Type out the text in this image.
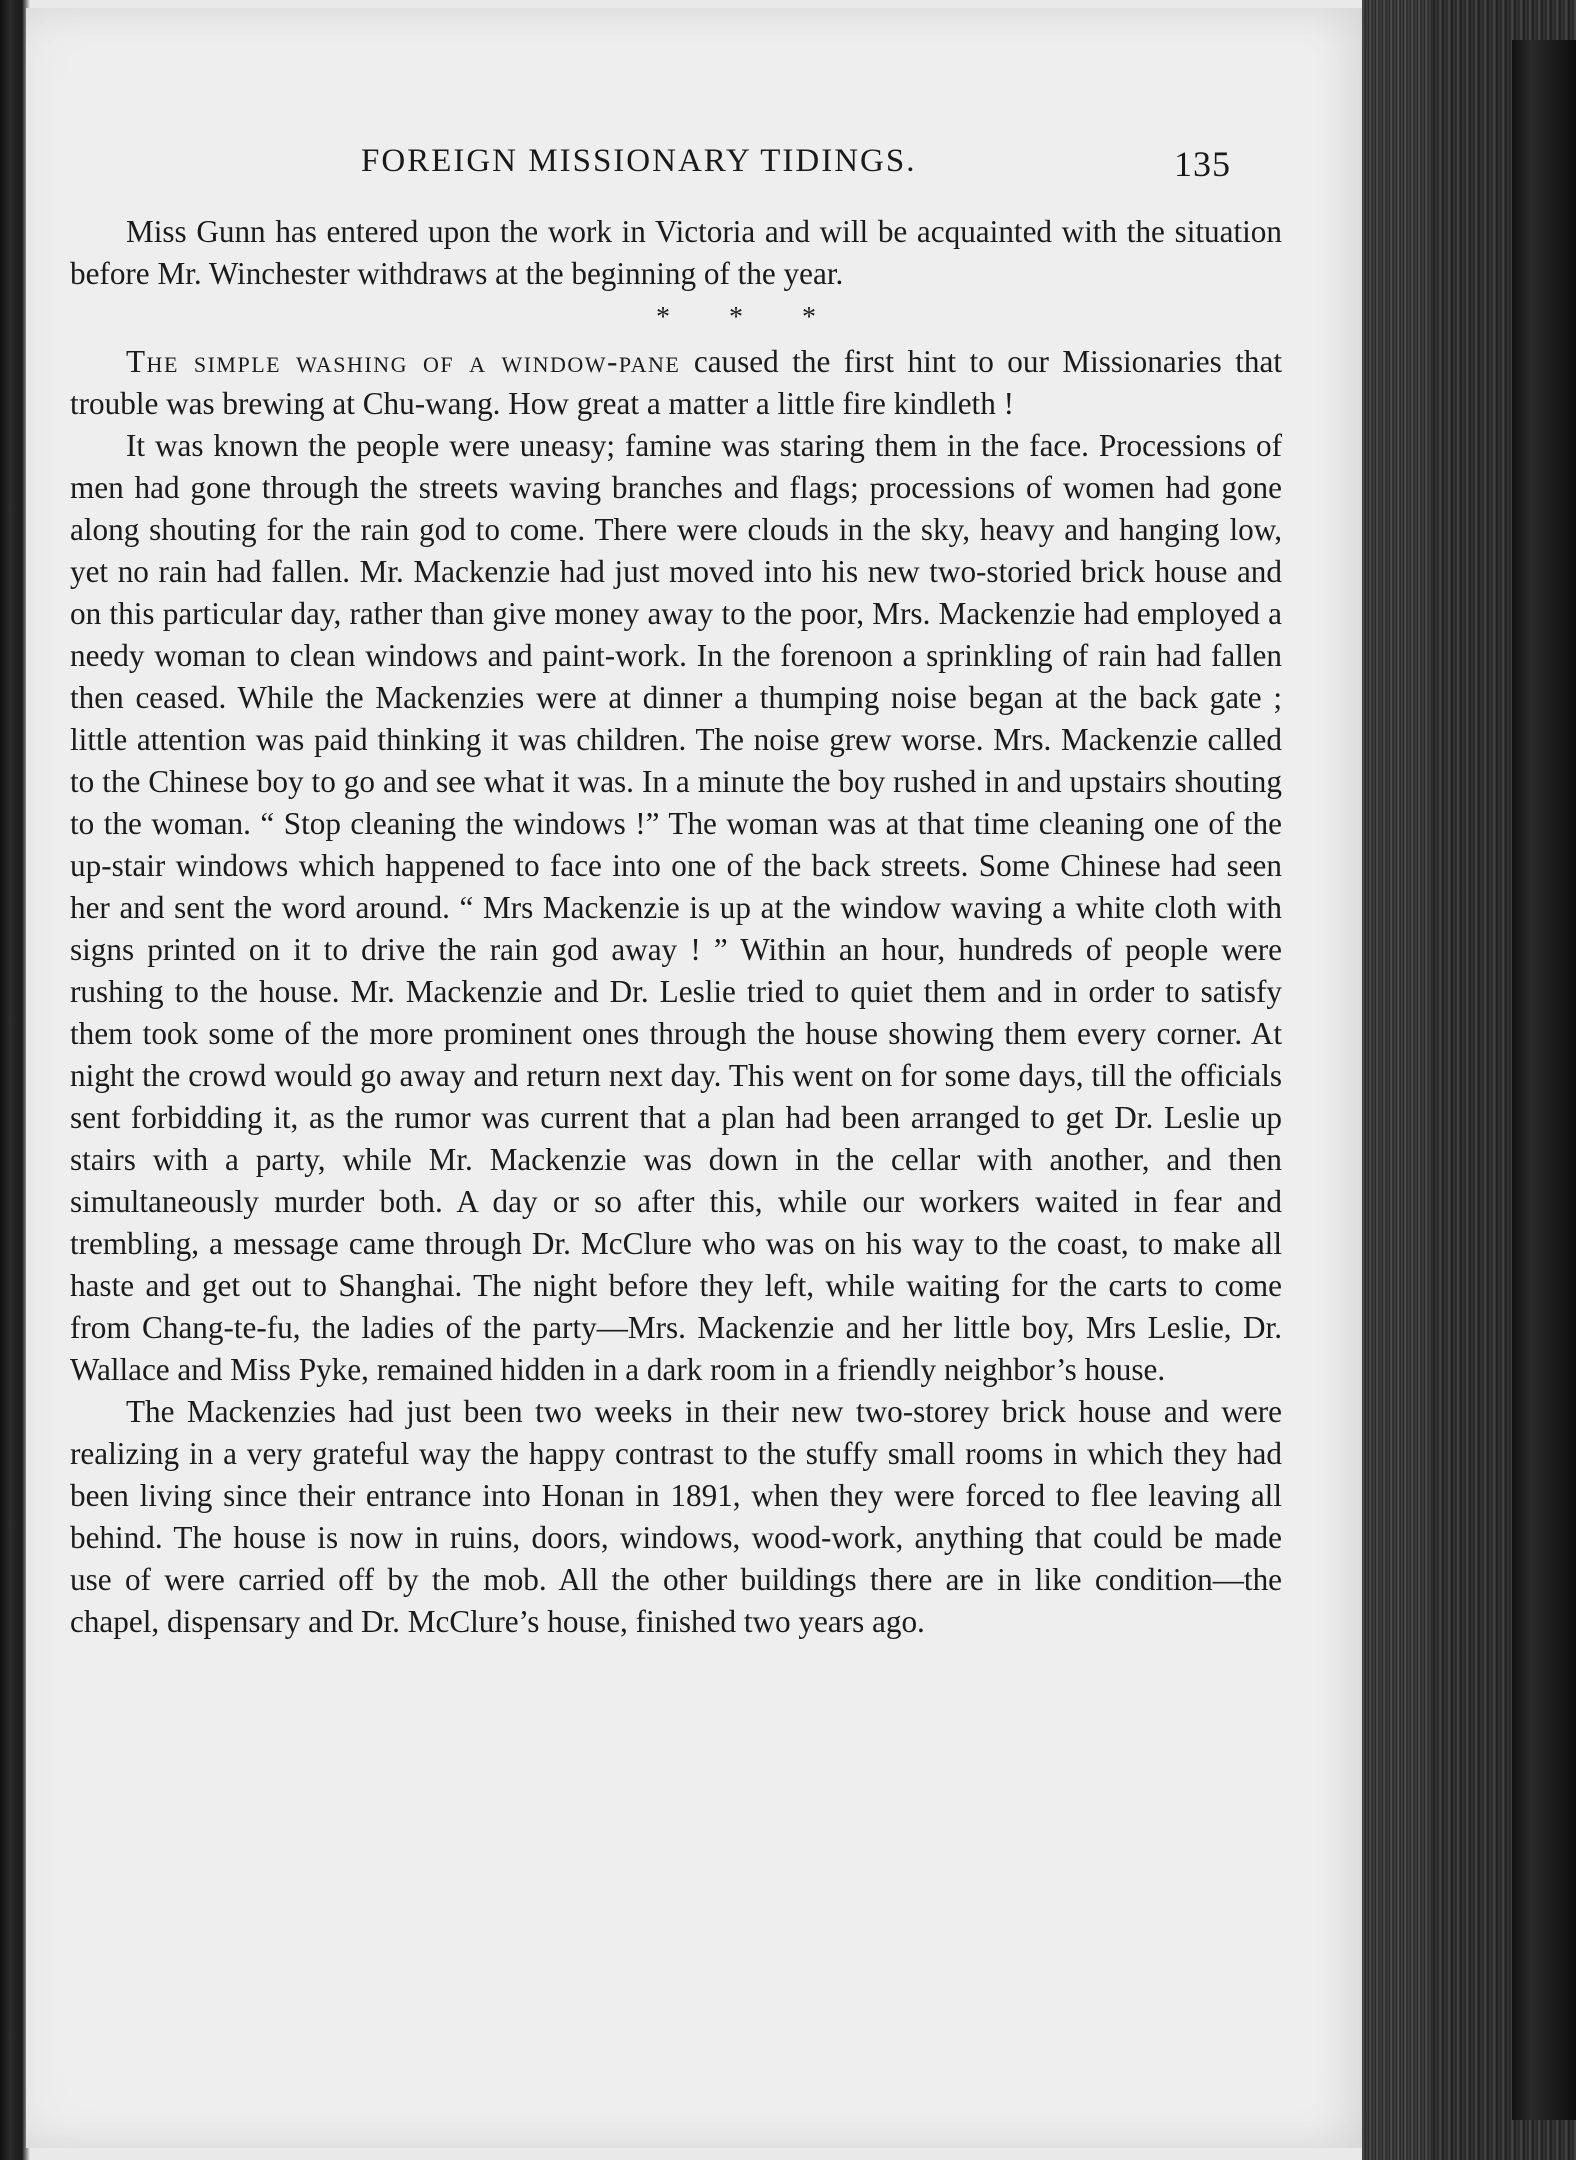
FOREIGN MISSIONARY TIDINGS.	135

Miss Gunn has entered upon the work in Victoria and will be acquainted with the situation before Mr. Winchester withdraws at the beginning of the year.

* * *

The simple washing of a window-pane caused the first hint to our Missionaries that trouble was brewing at Chu-wang. How great a matter a little fire kindleth !

It was known the people were uneasy; famine was staring them in the face. Processions of men had gone through the streets waving branches and flags; processions of women had gone along shouting for the rain god to come. There were clouds in the sky, heavy and hanging low, yet no rain had fallen. Mr. Mackenzie had just moved into his new two-storied brick house and on this particular day, rather than give money away to the poor, Mrs. Mackenzie had employed a needy woman to clean windows and paint-work. In the forenoon a sprinkling of rain had fallen then ceased. While the Mackenzies were at dinner a thumping noise began at the back gate ; little attention was paid thinking it was children. The noise grew worse. Mrs. Mackenzie called to the Chinese boy to go and see what it was. In a minute the boy rushed in and upstairs shouting to the woman. “ Stop cleaning the windows !” The woman was at that time cleaning one of the up-stair windows which happened to face into one of the back streets. Some Chinese had seen her and sent the word around. “ Mrs Mackenzie is up at the window waving a white cloth with signs printed on it to drive the rain god away ! ” Within an hour, hundreds of people were rushing to the house. Mr. Mackenzie and Dr. Leslie tried to quiet them and in order to satisfy them took some of the more prominent ones through the house showing them every corner. At night the crowd would go away and return next day. This went on for some days, till the officials sent forbidding it, as the rumor was current that a plan had been arranged to get Dr. Leslie up stairs with a party, while Mr. Mackenzie was down in the cellar with another, and then simultaneously murder both. A day or so after this, while our workers waited in fear and trembling, a message came through Dr. McClure who was on his way to the coast, to make all haste and get out to Shanghai. The night before they left, while waiting for the carts to come from Chang-te-fu, the ladies of the party—Mrs. Mackenzie and her little boy, Mrs Leslie, Dr. Wallace and Miss Pyke, remained hidden in a dark room in a friendly neighbor’s house.

The Mackenzies had just been two weeks in their new two-storey brick house and were realizing in a very grateful way the happy contrast to the stuffy small rooms in which they had been living since their entrance into Honan in 1891, when they were forced to flee leaving all behind. The house is now in ruins, doors, windows, wood-work, anything that could be made use of were carried off by the mob. All the other buildings there are in like condition—the chapel, dispensary and Dr. McClure’s house, finished two years ago.
